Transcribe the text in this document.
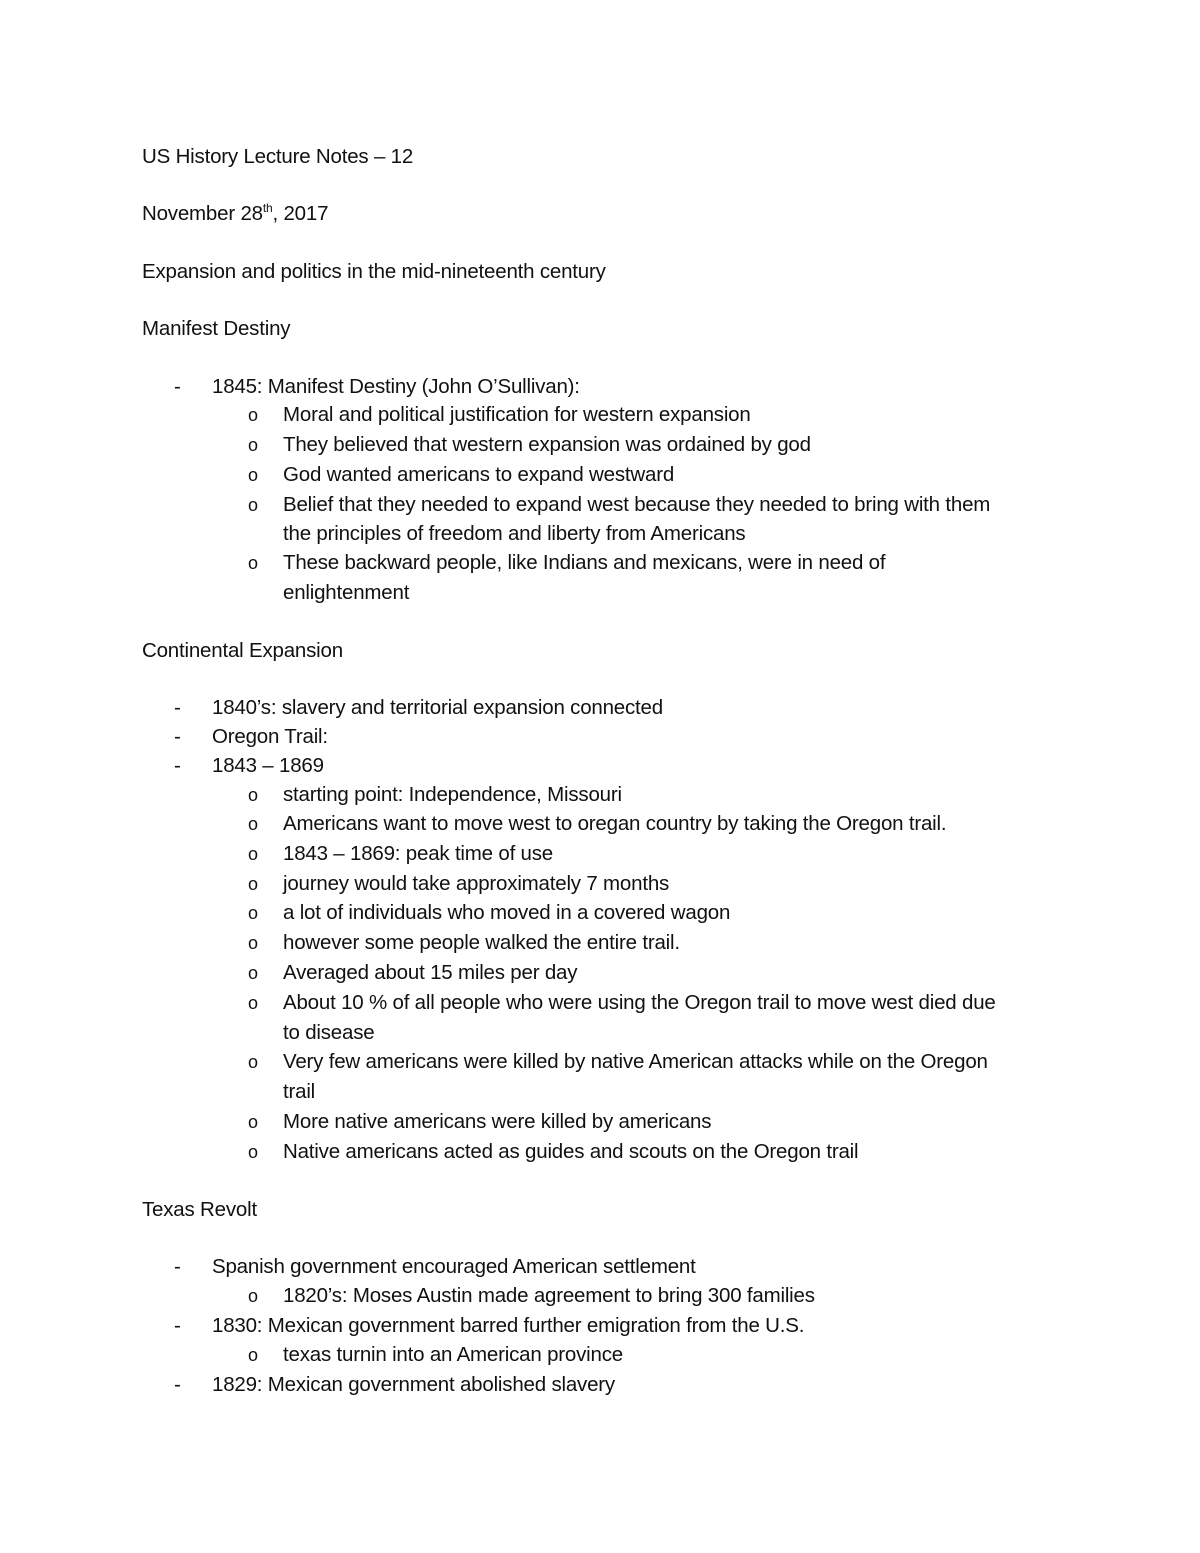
US History Lecture Notes – 12
November 28th, 2017
Expansion and politics in the mid-nineteenth century
Manifest Destiny
- 1845: Manifest Destiny (John O’Sullivan):
o Moral and political justification for western expansion
o They believed that western expansion was ordained by god
o God wanted americans to expand westward
o Belief that they needed to expand west because they needed to bring with them
the principles of freedom and liberty from Americans
o These backward people, like Indians and mexicans, were in need of
enlightenment
Continental Expansion
- 1840’s: slavery and territorial expansion connected
- Oregon Trail:
- 1843 – 1869
o starting point: Independence, Missouri
o Americans want to move west to oregan country by taking the Oregon trail.
o 1843 – 1869: peak time of use
o journey would take approximately 7 months
o a lot of individuals who moved in a covered wagon
o however some people walked the entire trail.
o Averaged about 15 miles per day
o About 10 % of all people who were using the Oregon trail to move west died due
to disease
o Very few americans were killed by native American attacks while on the Oregon
trail
o More native americans were killed by americans
o Native americans acted as guides and scouts on the Oregon trail
Texas Revolt
- Spanish government encouraged American settlement
o 1820’s: Moses Austin made agreement to bring 300 families
- 1830: Mexican government barred further emigration from the U.S.
o texas turnin into an American province
- 1829: Mexican government abolished slavery
